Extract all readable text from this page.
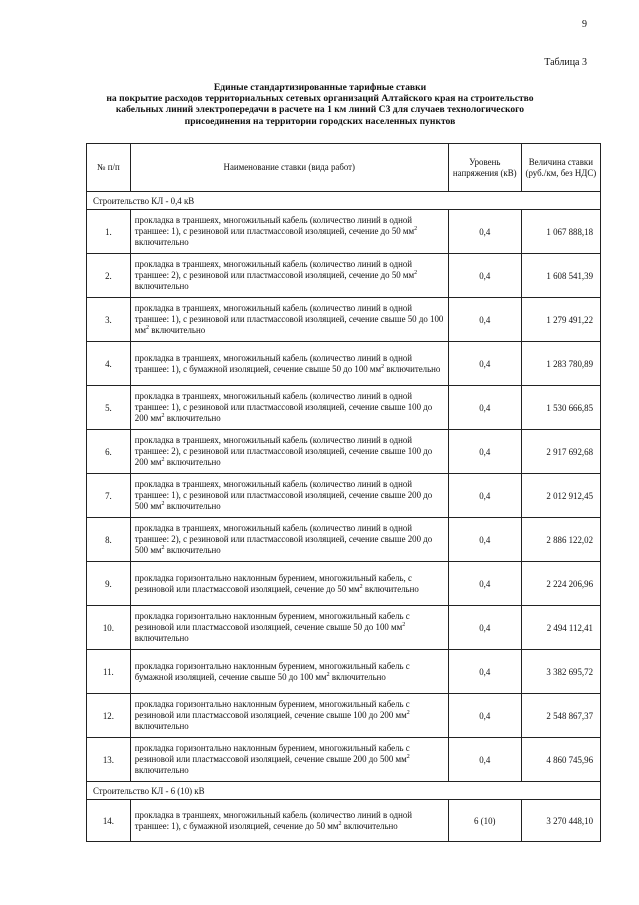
9
Таблица 3
Единые стандартизированные тарифные ставки
на покрытие расходов территориальных сетевых организаций Алтайского края на строительство
кабельных линий электропередачи в расчете на 1 км линий С3 для случаев технологического
присоединения на территории городских населенных пунктов
№ п/п	Наименование ставки (вида работ)	Уровень напряжения (кВ)	Величина ставки (руб./км, без НДС)
Строительство КЛ - 0,4 кВ			
1.	прокладка в траншеях, многожильный кабель (количество линий в одной траншее: 1), с резиновой или пластмассовой изоляцией, сечение до 50 $мм^2$ включительно	0,4	1 067 888,18
2.	прокладка в траншеях, многожильный кабель (количество линий в одной траншее: 2), с резиновой или пластмассовой изоляцией, сечение до 50 $мм^2$ включительно	0,4	1 608 541,39
3.	прокладка в траншеях, многожильный кабель (количество линий в одной траншее: 1), с резиновой или пластмассовой изоляцией, сечение свыше 50 до 100 $мм^2$ включительно	0,4	1 279 491,22
4.	прокладка в траншеях, многожильный кабель (количество линий в одной траншее: 1), с бумажной изоляцией, сечение свыше 50 до 100 $мм^2$ включительно	0,4	1 283 780,89
5.	прокладка в траншеях, многожильный кабель (количество линий в одной траншее: 1), с резиновой или пластмассовой изоляцией, сечение свыше 100 до 200 $мм^2$ включительно	0,4	1 530 666,85
6.	прокладка в траншеях, многожильный кабель (количество линий в одной траншее: 2), с резиновой или пластмассовой изоляцией, сечение свыше 100 до 200 $мм^2$ включительно	0,4	2 917 692,68
7.	прокладка в траншеях, многожильный кабель (количество линий в одной траншее: 1), с резиновой или пластмассовой изоляцией, сечение свыше 200 до 500 $мм^2$ включительно	0,4	2 012 912,45
8.	прокладка в траншеях, многожильный кабель (количество линий в одной траншее: 2), с резиновой или пластмассовой изоляцией, сечение свыше 200 до 500 $мм^2$ включительно	0,4	2 886 122,02
9.	прокладка горизонтально наклонным бурением, многожильный кабель, с резиновой или пластмассовой изоляцией, сечение до 50 $мм^2$ включительно	0,4	2 224 206,96
10.	прокладка горизонтально наклонным бурением, многожильный кабель с резиновой или пластмассовой изоляцией, сечение свыше 50 до 100 $мм^2$ включительно	0,4	2 494 112,41
11.	прокладка горизонтально наклонным бурением, многожильный кабель с бумажной изоляцией, сечение свыше 50 до 100 $мм^2$ включительно	0,4	3 382 695,72
12.	прокладка горизонтально наклонным бурением, многожильный кабель с резиновой или пластмассовой изоляцией, сечение свыше 100 до 200 $мм^2$ включительно	0,4	2 548 867,37
13.	прокладка горизонтально наклонным бурением, многожильный кабель с резиновой или пластмассовой изоляцией, сечение свыше 200 до 500 $мм^2$ включительно	0,4	4 860 745,96
Строительство КЛ - 6 (10) кВ			
14.	прокладка в траншеях, многожильный кабель (количество линий в одной траншее: 1), с бумажной изоляцией, сечение до 50 $мм^2$ включительно	6 (10)	3 270 448,10
